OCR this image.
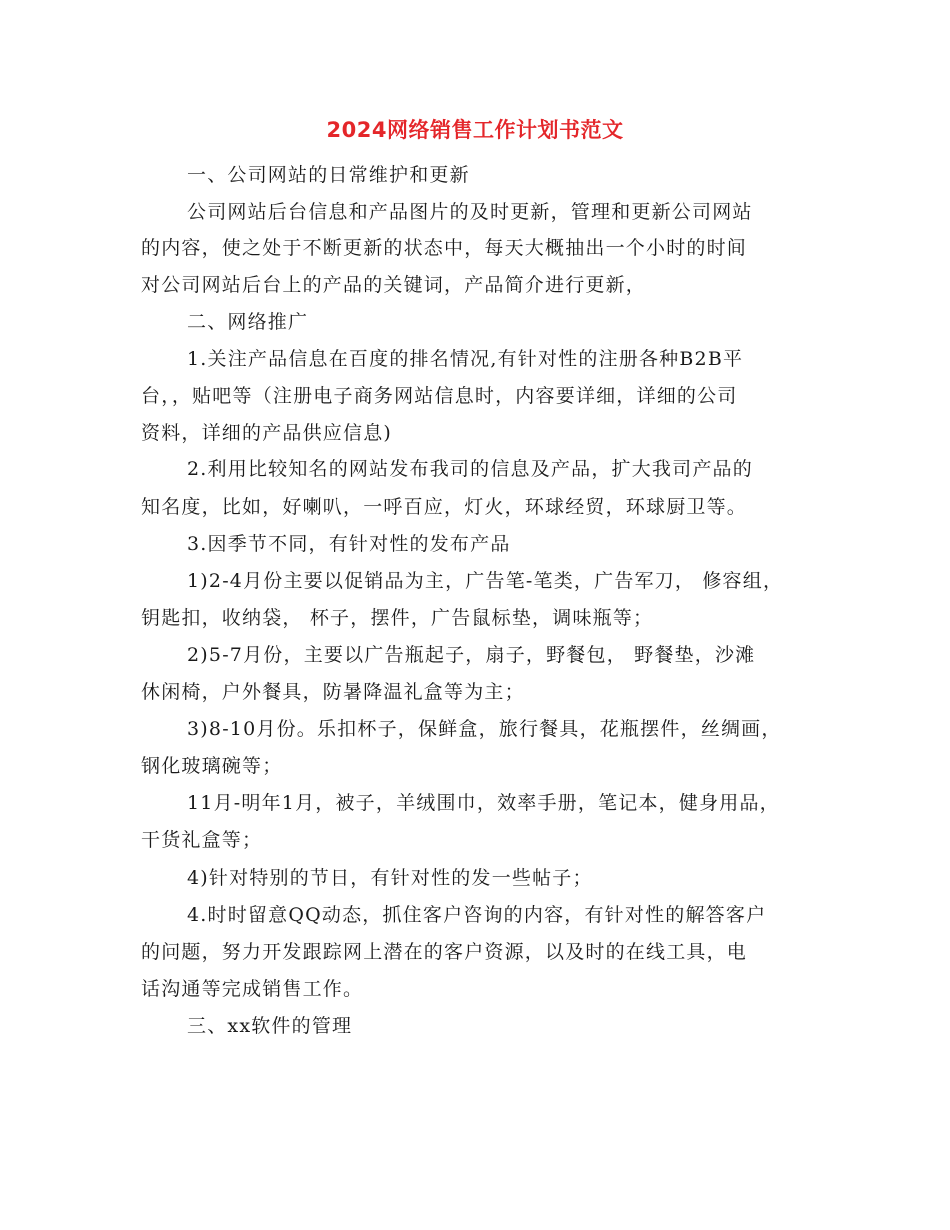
2024网络销售工作计划书范文
一、公司网站的日常维护和更新
公司网站后台信息和产品图片的及时更新，管理和更新公司网站
的内容，使之处于不断更新的状态中，每天大概抽出一个小时的时间
对公司网站后台上的产品的关键词，产品简介进行更新，
二、网络推广
1.关注产品信息在百度的排名情况,有针对性的注册各种B2B平
台，，贴吧等（注册电子商务网站信息时，内容要详细，详细的公司
资料，详细的产品供应信息)
2.利用比较知名的网站发布我司的信息及产品，扩大我司产品的
知名度，比如，好喇叭，一呼百应，灯火，环球经贸，环球厨卫等。
3.因季节不同，有针对性的发布产品
1)2-4月份主要以促销品为主，广告笔-笔类，广告军刀， 修容组，
钥匙扣，收纳袋， 杯子，摆件，广告鼠标垫，调味瓶等；
2)5-7月份，主要以广告瓶起子，扇子，野餐包， 野餐垫，沙滩
休闲椅，户外餐具，防暑降温礼盒等为主；
3)8-10月份。乐扣杯子，保鲜盒，旅行餐具，花瓶摆件，丝绸画，
钢化玻璃碗等；
11月-明年1月，被子，羊绒围巾，效率手册，笔记本，健身用品，
干货礼盒等；
4)针对特别的节日，有针对性的发一些帖子；
4.时时留意QQ动态，抓住客户咨询的内容，有针对性的解答客户
的问题，努力开发跟踪网上潜在的客户资源，以及时的在线工具，电
话沟通等完成销售工作。
三、xx软件的管理
